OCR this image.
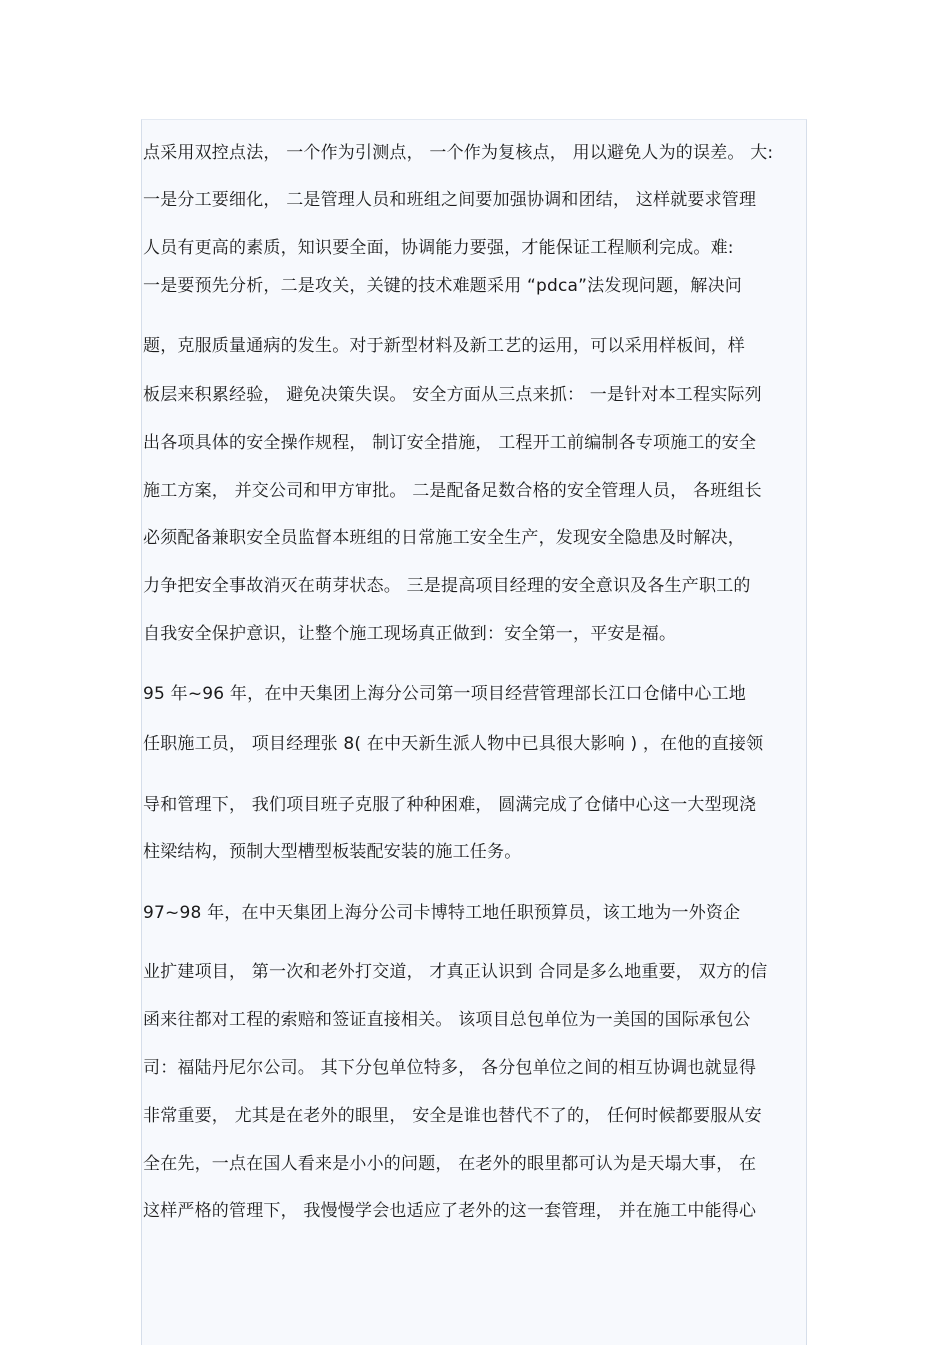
点采用双控点法， 一个作为引测点， 一个作为复核点， 用以避免人为的误差。 大:
一是分工要细化， 二是管理人员和班组之间要加强协调和团结， 这样就要求管理
人员有更高的素质，知识要全面，协调能力要强，才能保证工程顺利完成。难:
一是要预先分析，二是攻关，关键的技术难题采用 “pdca”法发现问题，解决问
题，克服质量通病的发生。对于新型材料及新工艺的运用，可以采用样板间，样
板层来积累经验， 避免决策失误。 安全方面从三点来抓： 一是针对本工程实际列
出各项具体的安全操作规程， 制订安全措施， 工程开工前编制各专项施工的安全
施工方案， 并交公司和甲方审批。 二是配备足数合格的安全管理人员， 各班组长
必须配备兼职安全员监督本班组的日常施工安全生产，发现安全隐患及时解决，
力争把安全事故消灭在萌芽状态。 三是提高项目经理的安全意识及各生产职工的
自我安全保护意识，让整个施工现场真正做到：安全第一，平安是福。
95 年~96 年，在中天集团上海分公司第一项目经营管理部长江口仓储中心工地
任职施工员， 项目经理张 8( 在中天新生派人物中已具很大影响 ) ，在他的直接领
导和管理下， 我们项目班子克服了种种困难， 圆满完成了仓储中心这一大型现浇
柱梁结构，预制大型槽型板装配安装的施工任务。
97~98 年，在中天集团上海分公司卡博特工地任职预算员，该工地为一外资企
业扩建项目， 第一次和老外打交道， 才真正认识到 合同是多么地重要， 双方的信
函来往都对工程的索赔和签证直接相关。 该项目总包单位为一美国的国际承包公
司：福陆丹尼尔公司。 其下分包单位特多， 各分包单位之间的相互协调也就显得
非常重要， 尤其是在老外的眼里， 安全是谁也替代不了的， 任何时候都要服从安
全在先，一点在国人看来是小小的问题， 在老外的眼里都可认为是天塌大事， 在
这样严格的管理下， 我慢慢学会也适应了老外的这一套管理， 并在施工中能得心
